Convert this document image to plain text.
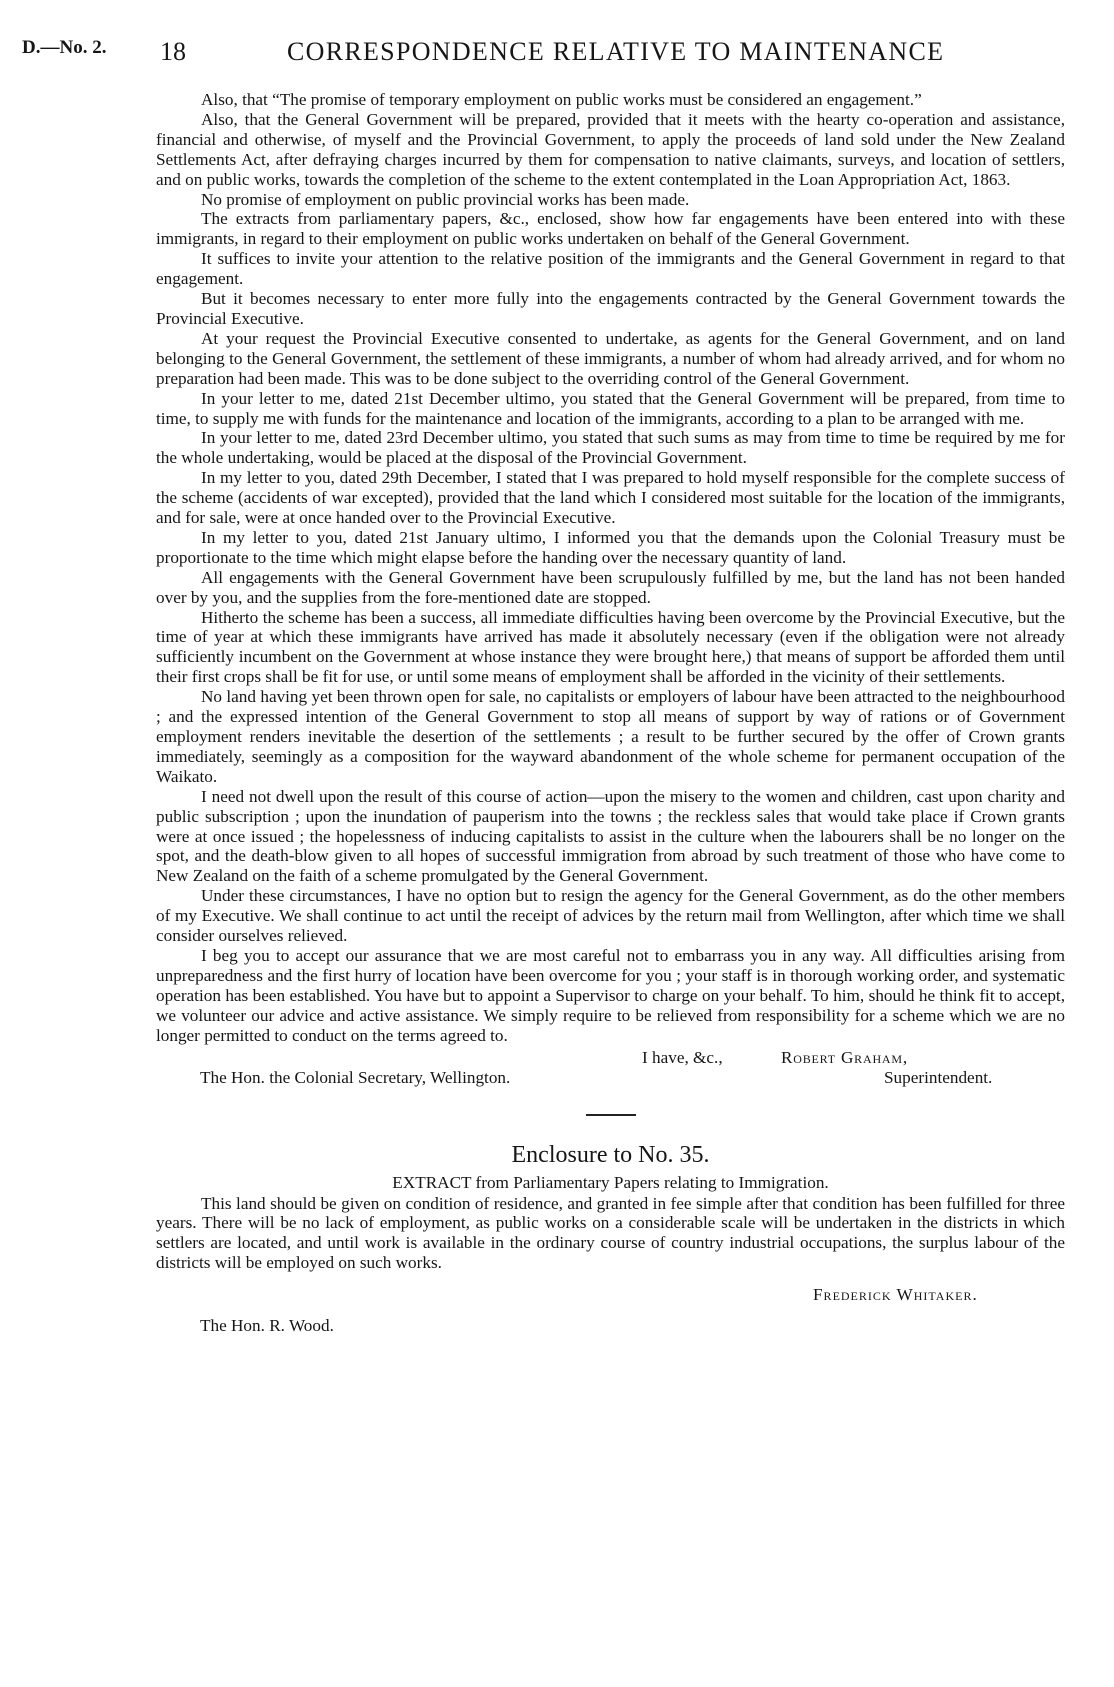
D.—No. 2. 18	CORRESPONDENCE RELATIVE TO MAINTENANCE

Also, that “The promise of temporary employment on public works must be considered an engagement.”

Also, that the General Government will be prepared, provided that it meets with the hearty co-operation and assistance, financial and otherwise, of myself and the Provincial Government, to apply the proceeds of land sold under the New Zealand Settlements Act, after defraying charges incurred by them for compensation to native claimants, surveys, and location of settlers, and on public works, towards the completion of the scheme to the extent contemplated in the Loan Appropriation Act, 1863.

No promise of employment on public provincial works has been made.

The extracts from parliamentary papers, &c., enclosed, show how far engagements have been entered into with these immigrants, in regard to their employment on public works undertaken on behalf of the General Government.

It suffices to invite your attention to the relative position of the immigrants and the General Government in regard to that engagement.

But it becomes necessary to enter more fully into the engagements contracted by the General Government towards the Provincial Executive.

At your request the Provincial Executive consented to undertake, as agents for the General Government, and on land belonging to the General Government, the settlement of these immigrants, a number of whom had already arrived, and for whom no preparation had been made. This was to be done subject to the overriding control of the General Government.

In your letter to me, dated 21st December ultimo, you stated that the General Government will be prepared, from time to time, to supply me with funds for the maintenance and location of the immigrants, according to a plan to be arranged with me.

In your letter to me, dated 23rd December ultimo, you stated that such sums as may from time to time be required by me for the whole undertaking, would be placed at the disposal of the Provincial Government.

In my letter to you, dated 29th December, I stated that I was prepared to hold myself responsible for the complete success of the scheme (accidents of war excepted), provided that the land which I considered most suitable for the location of the immigrants, and for sale, were at once handed over to the Provincial Executive.

In my letter to you, dated 21st January ultimo, I informed you that the demands upon the Colonial Treasury must be proportionate to the time which might elapse before the handing over the necessary quantity of land.

All engagements with the General Government have been scrupulously fulfilled by me, but the land has not been handed over by you, and the supplies from the fore-mentioned date are stopped.

Hitherto the scheme has been a success, all immediate difficulties having been overcome by the Provincial Executive, but the time of year at which these immigrants have arrived has made it absolutely necessary (even if the obligation were not already sufficiently incumbent on the Government at whose instance they were brought here,) that means of support be afforded them until their first crops shall be fit for use, or until some means of employment shall be afforded in the vicinity of their settlements.

No land having yet been thrown open for sale, no capitalists or employers of labour have been attracted to the neighbourhood ; and the expressed intention of the General Government to stop all means of support by way of rations or of Government employment renders inevitable the desertion of the settlements ; a result to be further secured by the offer of Crown grants immediately, seemingly as a composition for the wayward abandonment of the whole scheme for permanent occupation of the Waikato.

I need not dwell upon the result of this course of action—upon the misery to the women and children, cast upon charity and public subscription ; upon the inundation of pauperism into the towns ; the reckless sales that would take place if Crown grants were at once issued ; the hopelessness of inducing capitalists to assist in the culture when the labourers shall be no longer on the spot, and the death-blow given to all hopes of successful immigration from abroad by such treatment of those who have come to New Zealand on the faith of a scheme promulgated by the General Government.

Under these circumstances, I have no option but to resign the agency for the General Government, as do the other members of my Executive. We shall continue to act until the receipt of advices by the return mail from Wellington, after which time we shall consider ourselves relieved.

I beg you to accept our assurance that we are most careful not to embarrass you in any way. All difficulties arising from unpreparedness and the first hurry of location have been overcome for you ; your staff is in thorough working order, and systematic operation has been established. You have but to appoint a Supervisor to charge on your behalf. To him, should he think fit to accept, we volunteer our advice and active assistance. We simply require to be relieved from responsibility for a scheme which we are no longer permitted to conduct on the terms agreed to.

I have, &c.,	Robert Graham,
The Hon. the Colonial Secretary, Wellington.	Superintendent.
Enclosure to No. 35.
EXTRACT from Parliamentary Papers relating to Immigration.

This land should be given on condition of residence, and granted in fee simple after that condition has been fulfilled for three years. There will be no lack of employment, as public works on a considerable scale will be undertaken in the districts in which settlers are located, and until work is available in the ordinary course of country industrial occupations, the surplus labour of the districts will be employed on such works.

Frederick Whitaker.
The Hon. R. Wood.
